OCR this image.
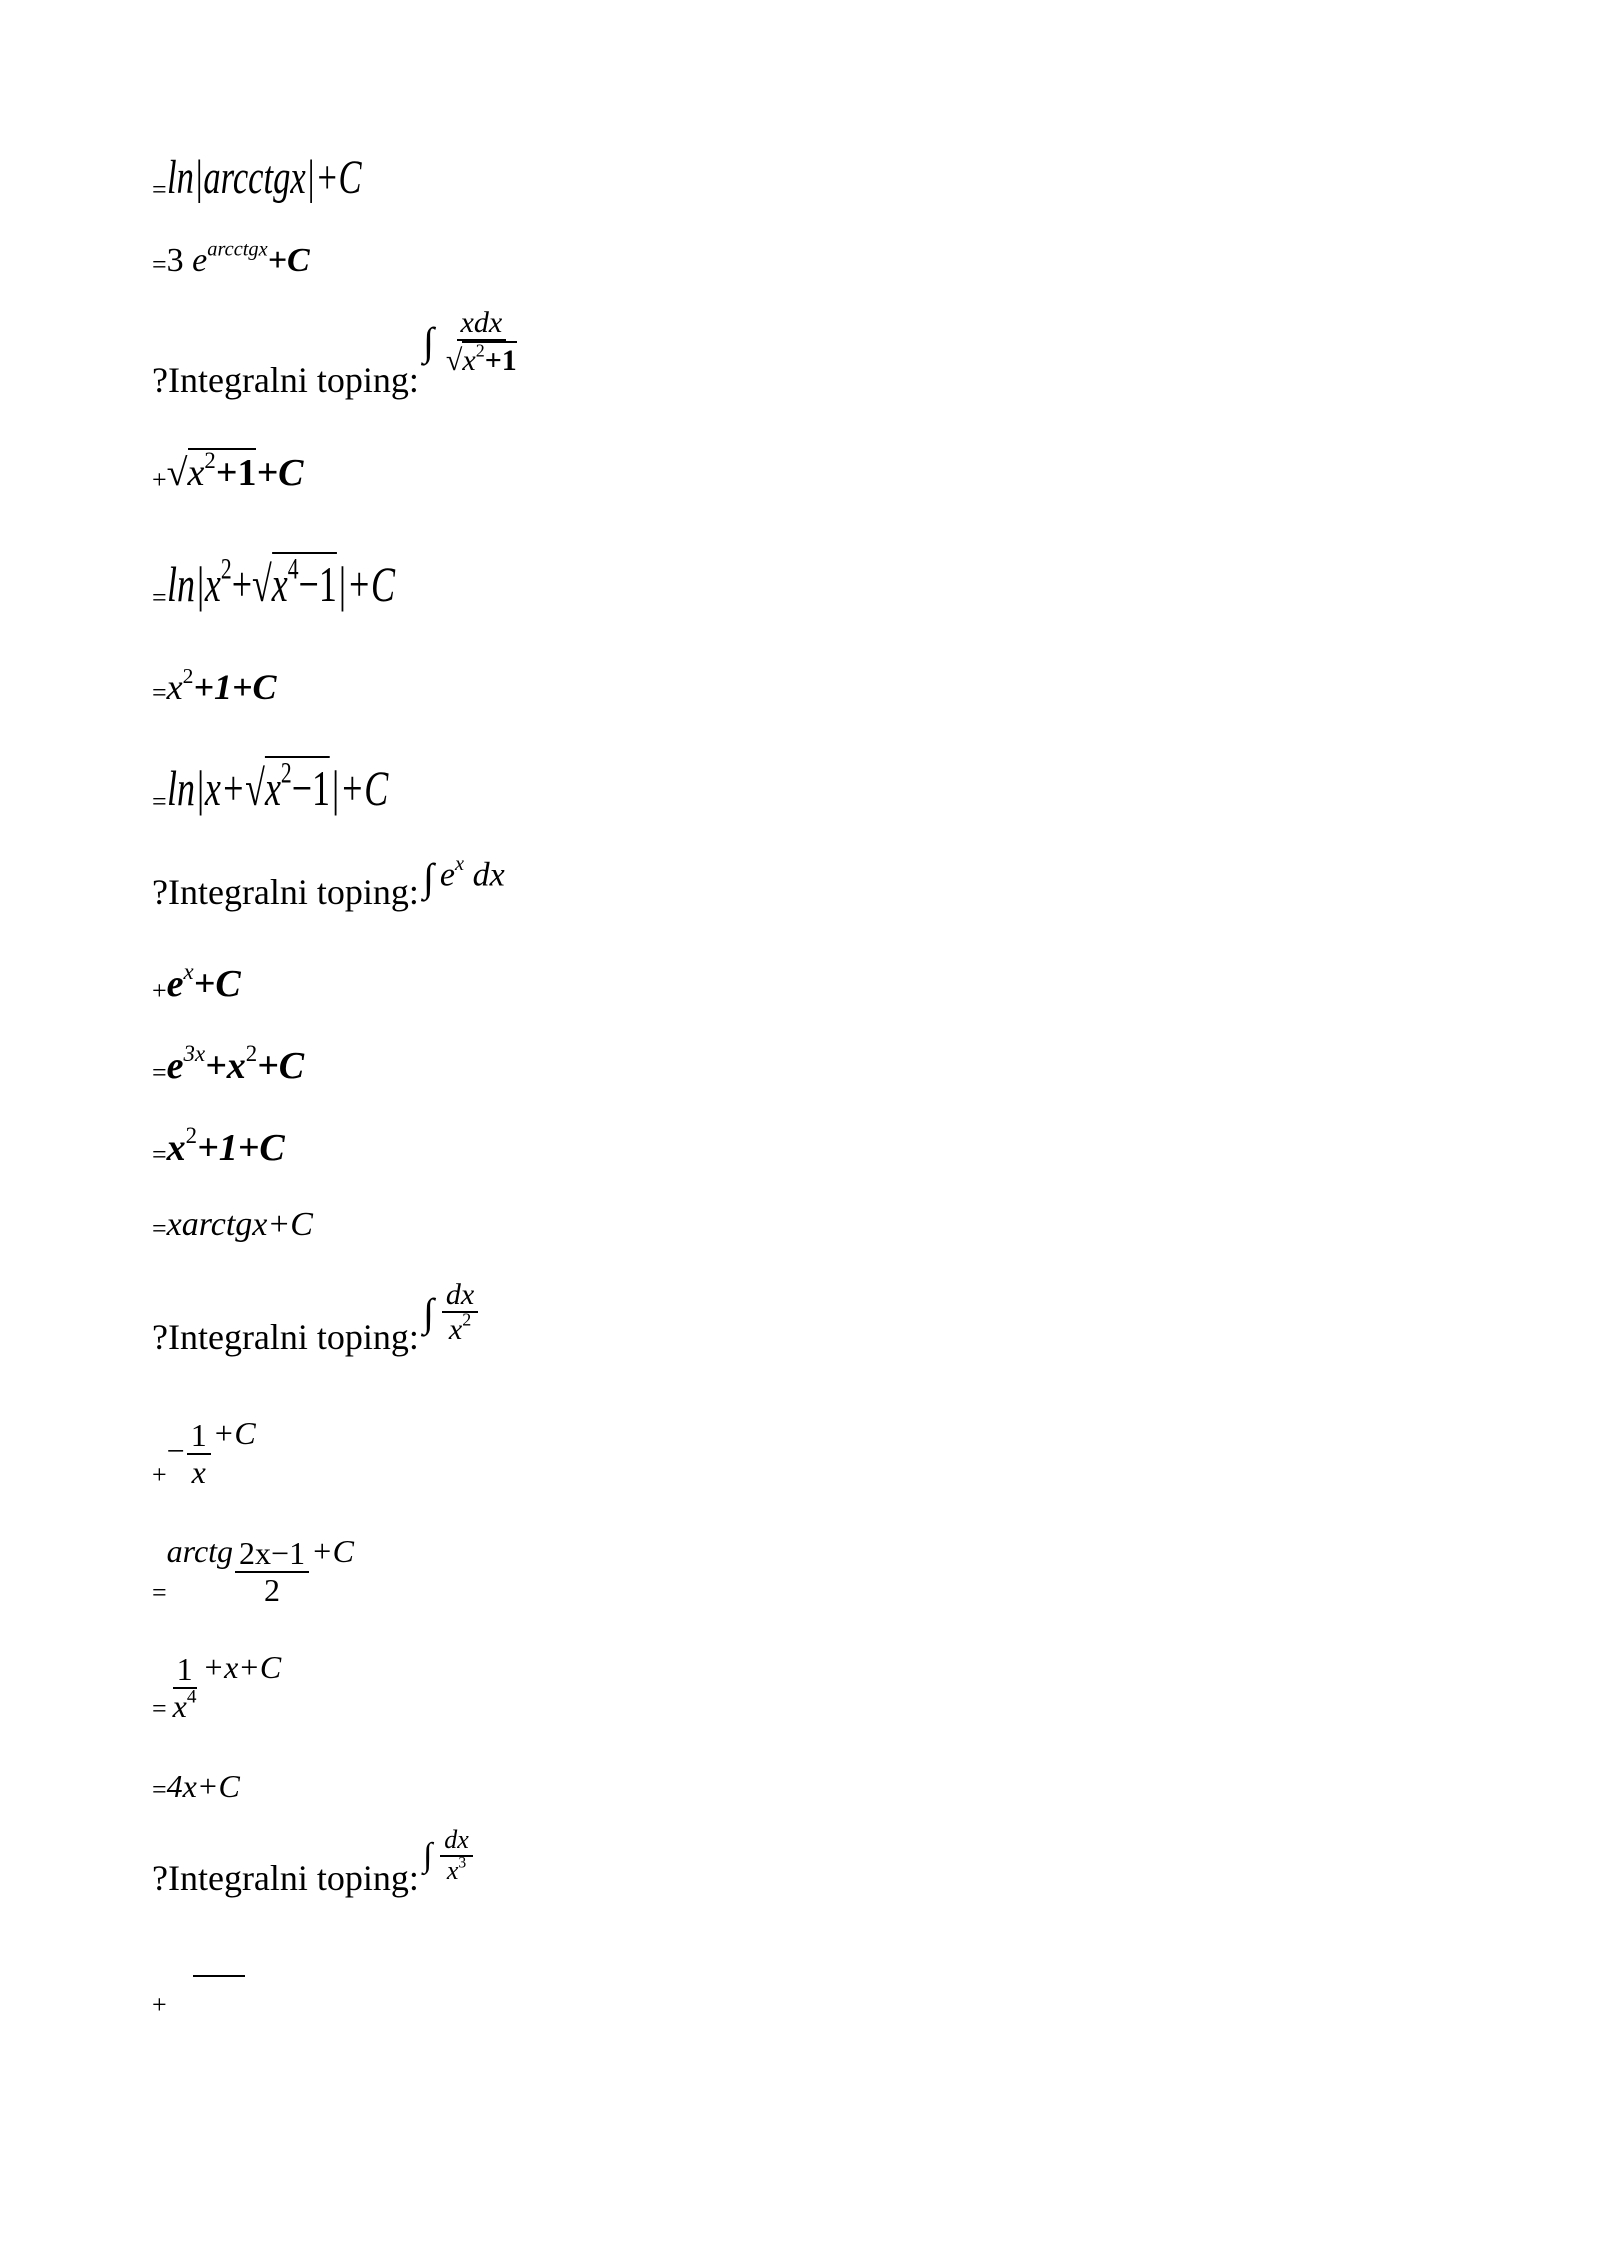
=ln|arcctgx|+C
=3 $e^{arcctgx}+C$
?Integralni toping: ∫ $\frac{\text{xdx}}{√x^2+1}$
$+√x^2+1+C$
$=\ln|x^2+√x^4-1|+C$
$=x^2+1+C$
$=\ln|x+√x^2-1|+C$
?Integralni toping: ∫ $e^x$ dx
$+e^x+C$
$=e^{3x}+x^2+C$
$=x^2+1+C$
=xarctgx+C
?Integralni toping: ∫ $\frac{dx}{x^2}$
+− $\frac{1}{x} +C$
=arctg $\frac{2x-1}{2} +C$
= $\frac{1}{x^4} +x+C$
=4x+C
?Integralni toping: ∫ $\frac{dx}{x^3}$
+
